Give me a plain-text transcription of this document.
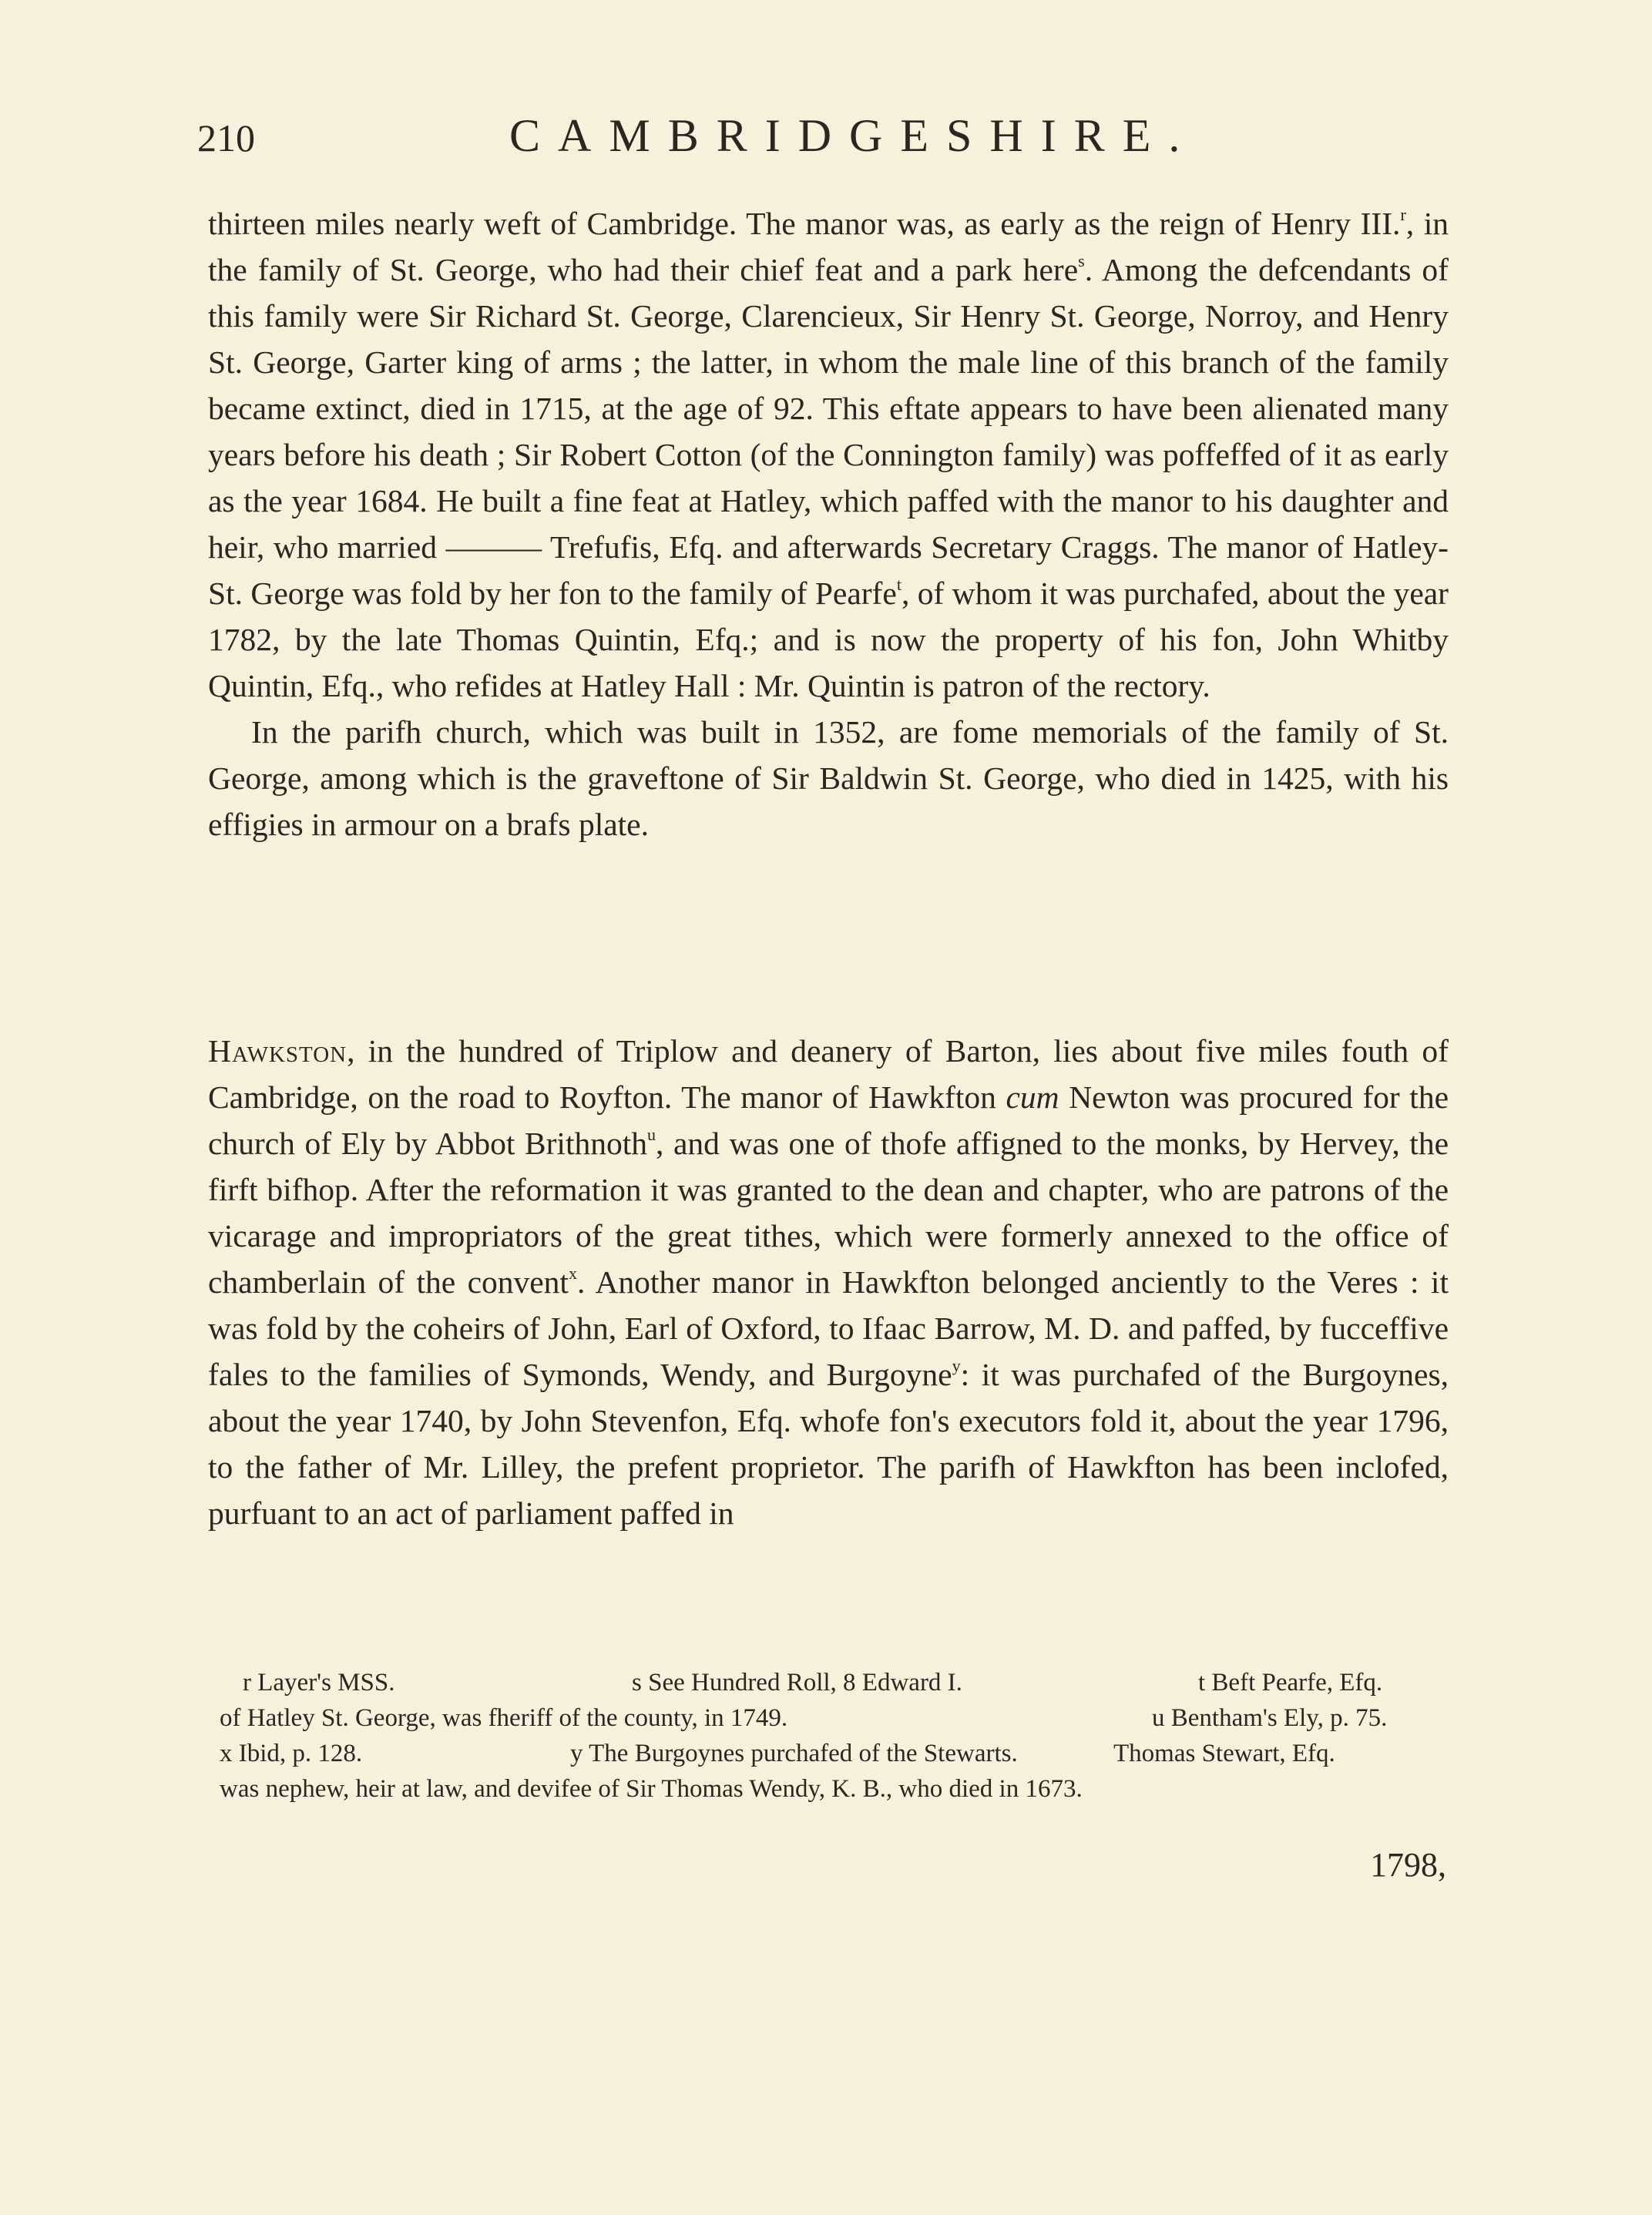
210	CAMBRIDGESHIRE.

thirteen miles nearly weft of Cambridge. The manor was, as early as the reign of Henry III.$^r$, in the family of St. George, who had their chief feat and a park here$^s$. Among the defcendants of this family were Sir Richard St. George, Clarencieux, Sir Henry St. George, Norroy, and Henry St. George, Garter king of arms ; the latter, in whom the male line of this branch of the family became extinct, died in 1715, at the age of 92. This eftate appears to have been alienated many years before his death ; Sir Robert Cotton (of the Connington family) was poffeffed of it as early as the year 1684. He built a fine feat at Hatley, which paffed with the manor to his daughter and heir, who married ——— Trefufis, Efq. and afterwards Secretary Craggs. The manor of Hatley-St. George was fold by her fon to the family of Pearfe$^t$, of whom it was purchafed, about the year 1782, by the late Thomas Quintin, Efq.; and is now the property of his fon, John Whitby Quintin, Efq., who refides at Hatley Hall : Mr. Quintin is patron of the rectory.

In the parifh church, which was built in 1352, are fome memorials of the family of St. George, among which is the graveftone of Sir Baldwin St. George, who died in 1425, with his effigies in armour on a brafs plate.

Hawkston, in the hundred of Triplow and deanery of Barton, lies about five miles fouth of Cambridge, on the road to Royfton. The manor of Hawkfton cum Newton was procured for the church of Ely by Abbot Brithnoth$^u$, and was one of thofe affigned to the monks, by Hervey, the firft bifhop. After the reformation it was granted to the dean and chapter, who are patrons of the vicarage and impropriators of the great tithes, which were formerly annexed to the office of chamberlain of the convent$^x$. Another manor in Hawkfton belonged anciently to the Veres : it was fold by the coheirs of John, Earl of Oxford, to Ifaac Barrow, M. D. and paffed, by fucceffive fales to the families of Symonds, Wendy, and Burgoyne$^y$: it was purchafed of the Burgoynes, about the year 1740, by John Stevenfon, Efq. whofe fon's executors fold it, about the year 1796, to the father of Mr. Lilley, the prefent proprietor. The parifh of Hawkfton has been inclofed, purfuant to an act of parliament paffed in

r Layer's MSS.	s See Hundred Roll, 8 Edward I.	t Beft Pearfe, Efq.
of Hatley St. George, was fheriff of the county, in 1749.	u Bentham's Ely, p. 75.
x Ibid, p. 128.	y The Burgoynes purchafed of the Stewarts.	Thomas Stewart, Efq.
was nephew, heir at law, and devifee of Sir Thomas Wendy, K. B., who died in 1673.
1798,
